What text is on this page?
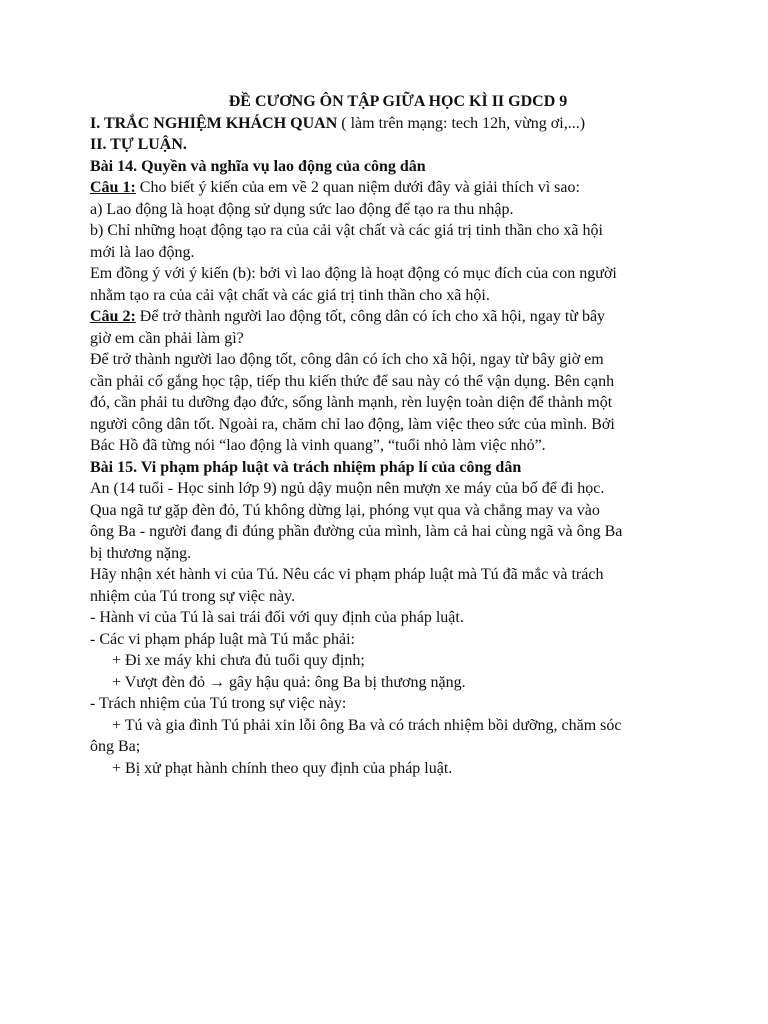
ĐỀ CƯƠNG ÔN TẬP GIỮA HỌC KÌ II GDCD 9
I. TRẮC NGHIỆM KHÁCH QUAN ( làm trên mạng: tech 12h, vừng ơi,...)
II. TỰ LUẬN.
Bài 14. Quyền và nghĩa vụ lao động của công dân
Câu 1: Cho biết ý kiến của em về 2 quan niệm dưới đây và giải thích vì sao:
a) Lao động là hoạt động sử dụng sức lao động để tạo ra thu nhập.
b) Chỉ những hoạt động tạo ra của cải vật chất và các giá trị tinh thần cho xã hội
mới là lao động.
Em đồng ý với ý kiến (b): bởi vì lao động là hoạt động có mục đích của con người
nhằm tạo ra của cải vật chất và các giá trị tinh thần cho xã hội.
Câu 2: Để trở thành người lao động tốt, công dân có ích cho xã hội, ngay từ bây
giờ em cần phải làm gì?
Để trở thành người lao động tốt, công dân có ích cho xã hội, ngay từ bây giờ em
cần phải cố gắng học tập, tiếp thu kiến thức để sau này có thể vận dụng. Bên cạnh
đó, cần phải tu dưỡng đạo đức, sống lành mạnh, rèn luyện toàn diện để thành một
người công dân tốt. Ngoài ra, chăm chỉ lao động, làm việc theo sức của mình. Bởi
Bác Hồ đã từng nói “lao động là vinh quang”, “tuổi nhỏ làm việc nhỏ”.
Bài 15. Vi phạm pháp luật và trách nhiệm pháp lí của công dân
An (14 tuổi - Học sinh lớp 9) ngủ dậy muộn nên mượn xe máy của bố để đi học.
Qua ngã tư gặp đèn đỏ, Tú không dừng lại, phóng vụt qua và chẳng may va vào
ông Ba - người đang đi đúng phần đường của mình, làm cả hai cùng ngã và ông Ba
bị thương nặng.
Hãy nhận xét hành vi của Tú. Nêu các vi phạm pháp luật mà Tú đã mắc và trách
nhiệm của Tú trong sự việc này.
- Hành vi của Tú là sai trái đối với quy định của pháp luật.
- Các vi phạm pháp luật mà Tú mắc phải:
+ Đi xe máy khi chưa đủ tuổi quy định;
+ Vượt đèn đỏ → gây hậu quả: ông Ba bị thương nặng.
- Trách nhiệm của Tú trong sự việc này:
+ Tú và gia đình Tú phải xin lỗi ông Ba và có trách nhiệm bồi dưỡng, chăm sóc
ông Ba;
+ Bị xử phạt hành chính theo quy định của pháp luật.
